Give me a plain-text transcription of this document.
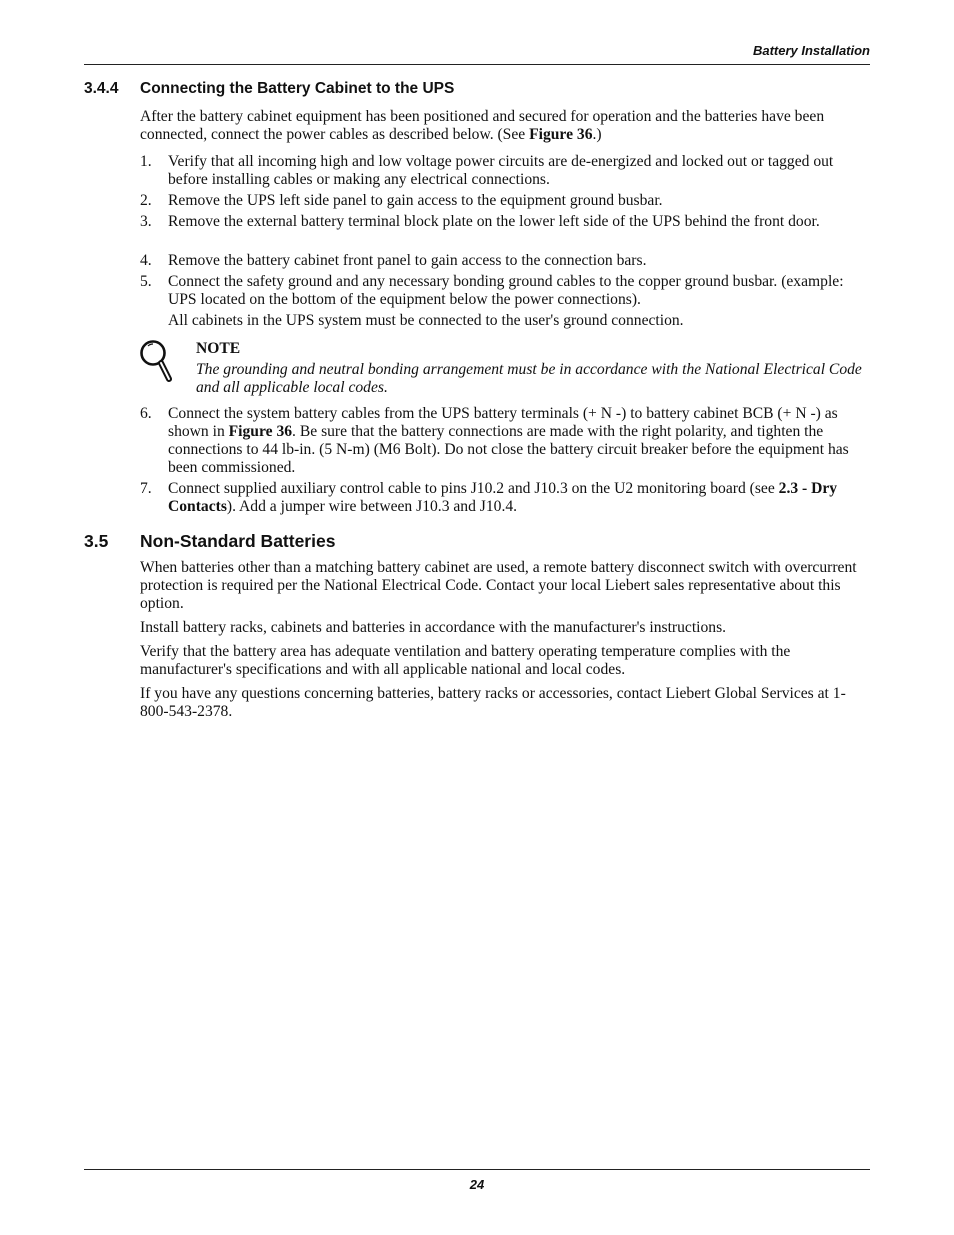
Battery Installation
3.4.4 Connecting the Battery Cabinet to the UPS

After the battery cabinet equipment has been positioned and secured for operation and the batteries have been connected, connect the power cables as described below. (See Figure 36.)

1. Verify that all incoming high and low voltage power circuits are de-energized and locked out or tagged out before installing cables or making any electrical connections.
2. Remove the UPS left side panel to gain access to the equipment ground busbar.
3. Remove the external battery terminal block plate on the lower left side of the UPS behind the front door.
4. Remove the battery cabinet front panel to gain access to the connection bars.
5. Connect the safety ground and any necessary bonding ground cables to the copper ground busbar. (example: UPS located on the bottom of the equipment below the power connections).
All cabinets in the UPS system must be connected to the user's ground connection.
NOTE
The grounding and neutral bonding arrangement must be in accordance with the National Electrical Code and all applicable local codes.
6. Connect the system battery cables from the UPS battery terminals (+ N -) to battery cabinet BCB (+ N -) as shown in Figure 36. Be sure that the battery connections are made with the right polarity, and tighten the connections to 44 lb-in. (5 N-m) (M6 Bolt). Do not close the battery circuit breaker before the equipment has been commissioned.
7. Connect supplied auxiliary control cable to pins J10.2 and J10.3 on the U2 monitoring board (see 2.3 - Dry Contacts). Add a jumper wire between J10.3 and J10.4.
3.5 Non-Standard Batteries

When batteries other than a matching battery cabinet are used, a remote battery disconnect switch with overcurrent protection is required per the National Electrical Code. Contact your local Liebert sales representative about this option.

Install battery racks, cabinets and batteries in accordance with the manufacturer's instructions.

Verify that the battery area has adequate ventilation and battery operating temperature complies with the manufacturer's specifications and with all applicable national and local codes.

If you have any questions concerning batteries, battery racks or accessories, contact Liebert Global Services at 1-800-543-2378.

24
